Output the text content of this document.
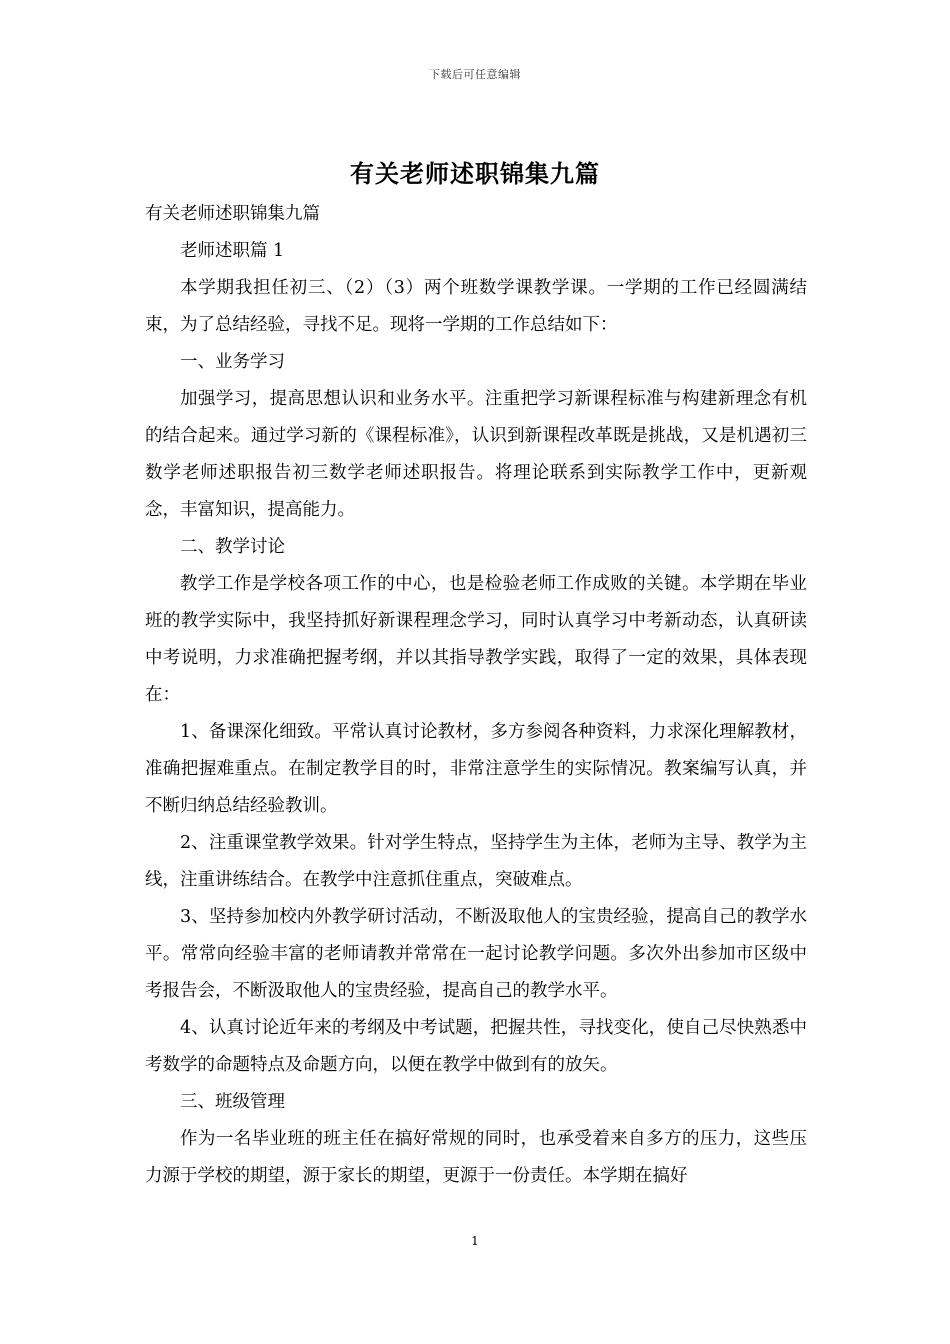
下载后可任意编辑
有关老师述职锦集九篇

有关老师述职锦集九篇

老师述职篇 1

本学期我担任初三、（2）（3）两个班数学课教学课。一学期的工作已经圆满结束，为了总结经验，寻找不足。现将一学期的工作总结如下：

一、业务学习

加强学习，提高思想认识和业务水平。注重把学习新课程标准与构建新理念有机的结合起来。通过学习新的《课程标准》，认识到新课程改革既是挑战，又是机遇初三数学老师述职报告初三数学老师述职报告。将理论联系到实际教学工作中，更新观念，丰富知识，提高能力。

二、教学讨论

教学工作是学校各项工作的中心，也是检验老师工作成败的关键。本学期在毕业班的教学实际中，我坚持抓好新课程理念学习，同时认真学习中考新动态，认真研读中考说明，力求准确把握考纲，并以其指导教学实践，取得了一定的效果，具体表现在：

1、备课深化细致。平常认真讨论教材，多方参阅各种资料，力求深化理解教材，准确把握难重点。在制定教学目的时，非常注意学生的实际情况。教案编写认真，并不断归纳总结经验教训。

2、注重课堂教学效果。针对学生特点，坚持学生为主体，老师为主导、教学为主线，注重讲练结合。在教学中注意抓住重点，突破难点。

3、坚持参加校内外教学研讨活动，不断汲取他人的宝贵经验，提高自己的教学水平。常常向经验丰富的老师请教并常常在一起讨论教学问题。多次外出参加市区级中考报告会，不断汲取他人的宝贵经验，提高自己的教学水平。

4、认真讨论近年来的考纲及中考试题，把握共性，寻找变化，使自己尽快熟悉中考数学的命题特点及命题方向，以便在教学中做到有的放矢。

三、班级管理

作为一名毕业班的班主任在搞好常规的同时，也承受着来自多方的压力，这些压力源于学校的期望，源于家长的期望，更源于一份责任。本学期在搞好

1
